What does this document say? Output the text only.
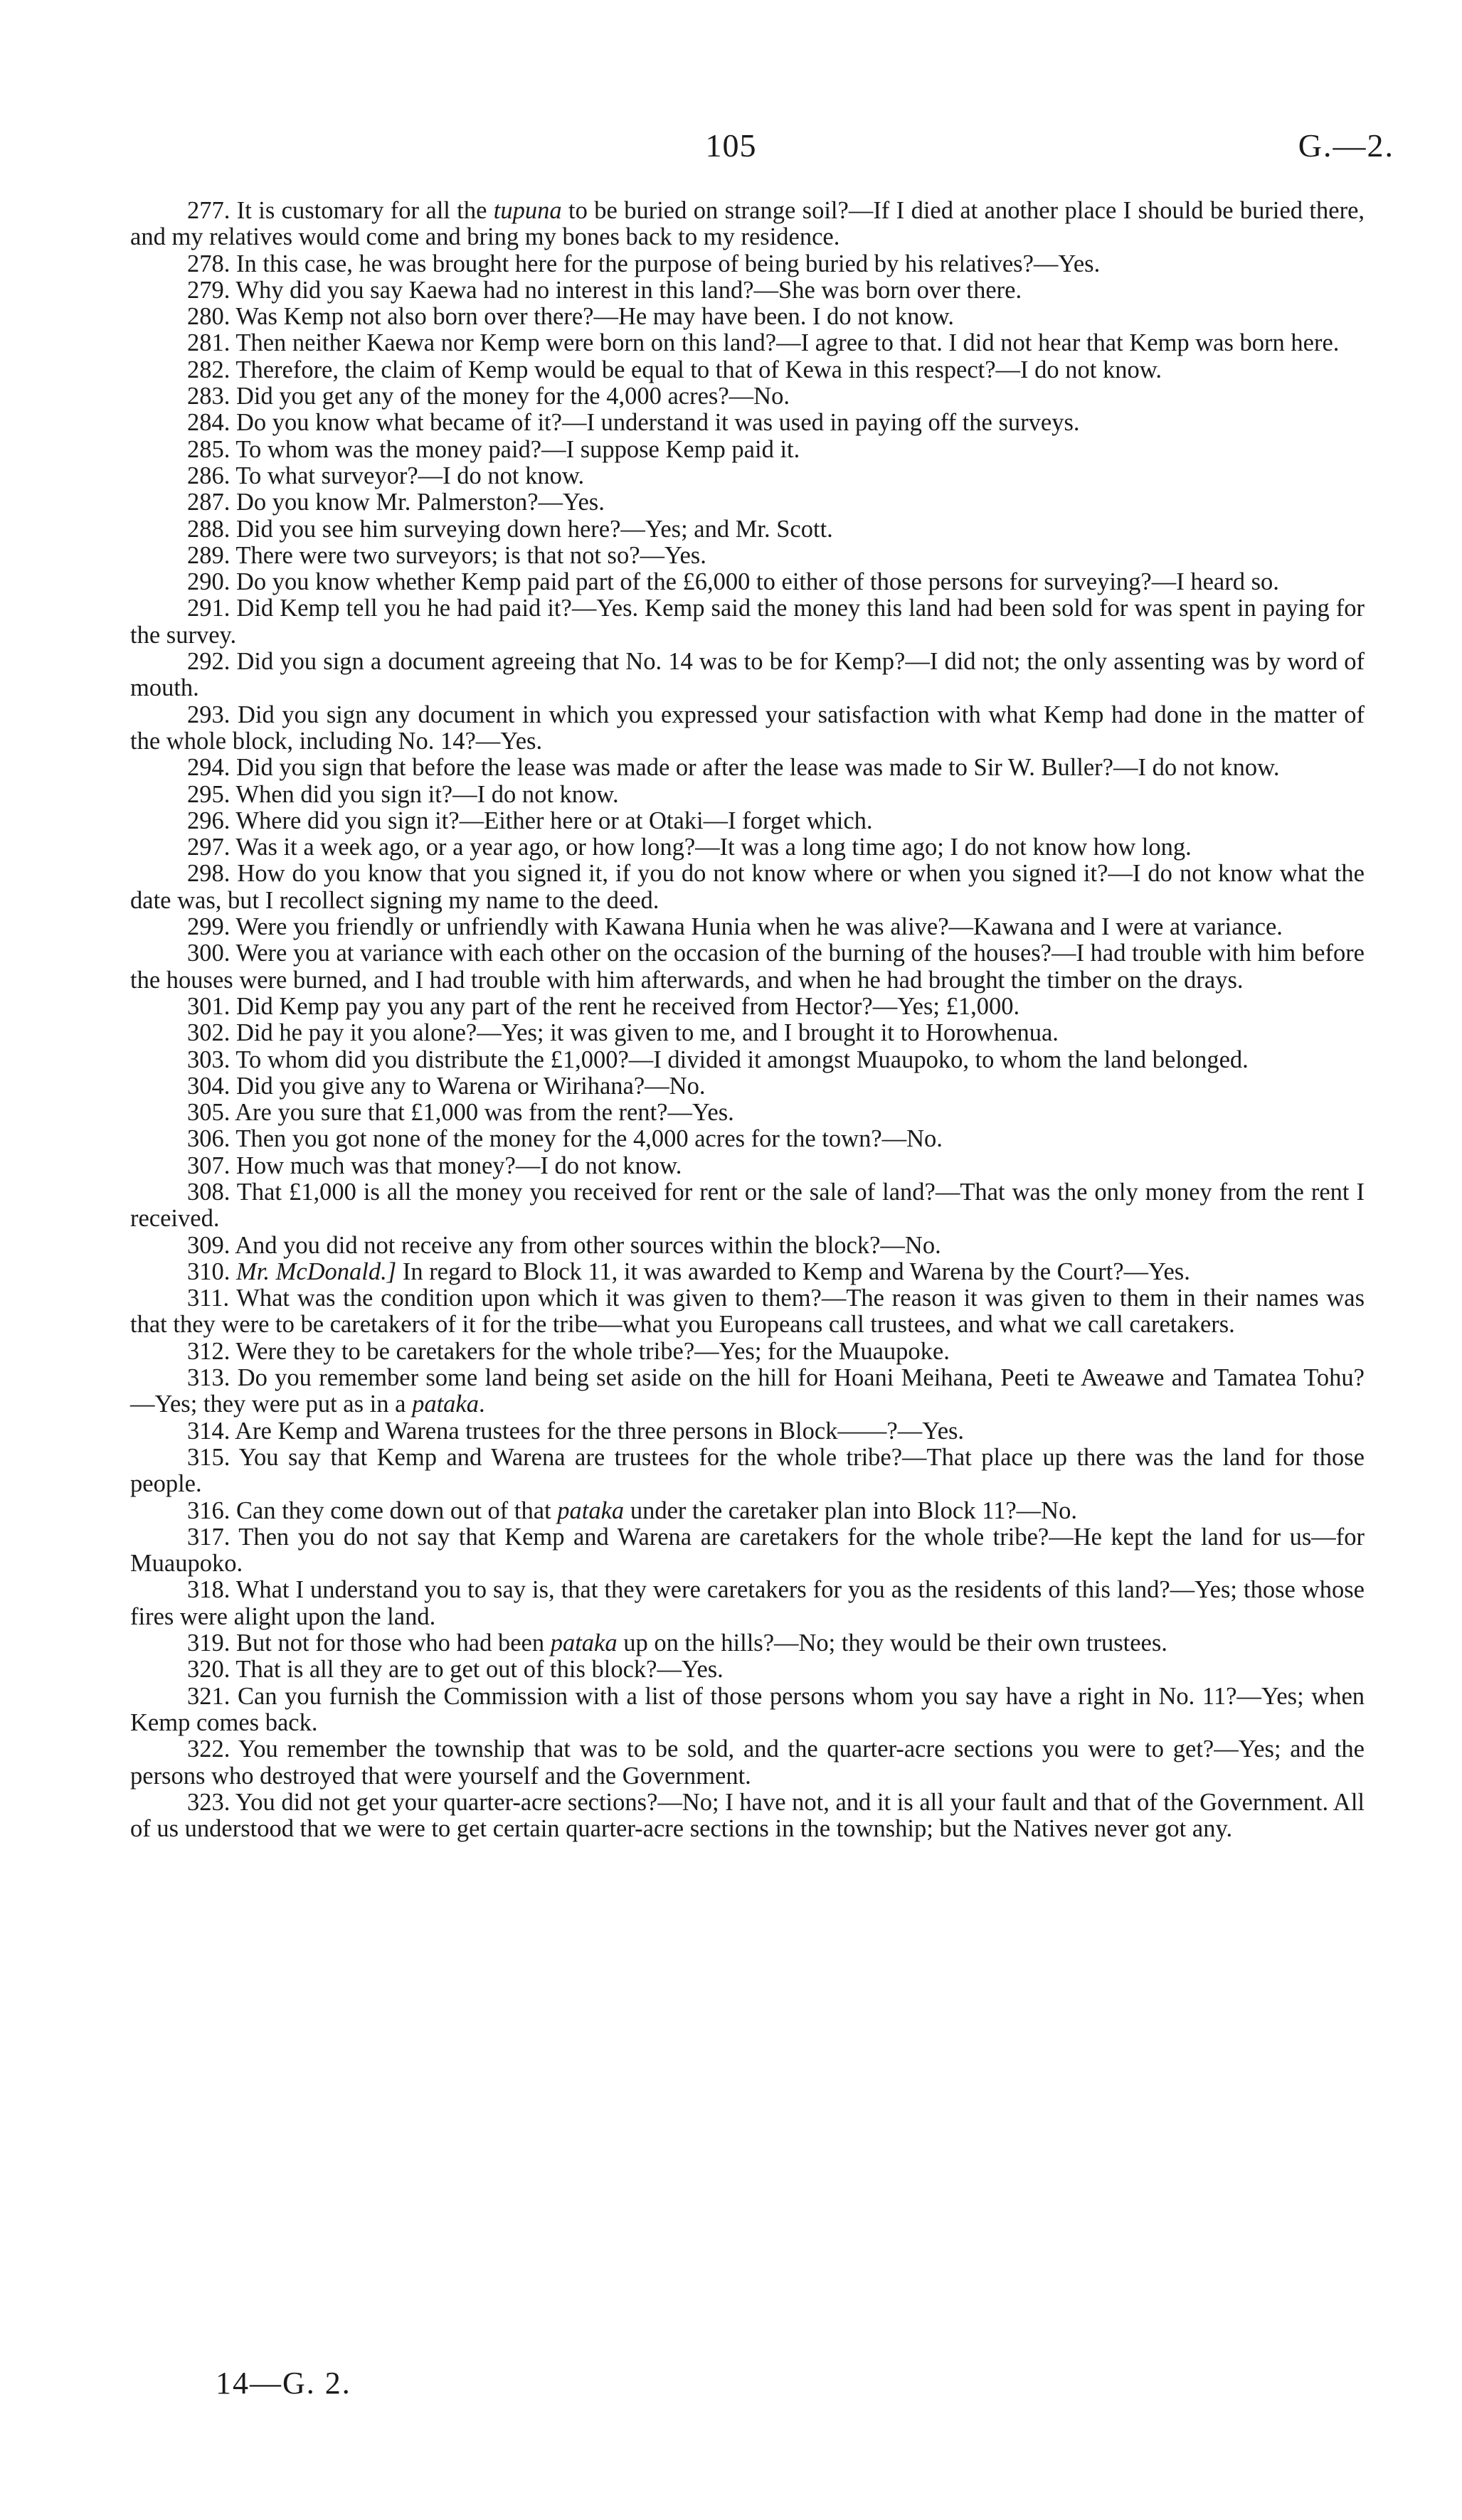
105	G.—2.

277. It is customary for all the tupuna to be buried on strange soil?—If I died at another place I should be buried there, and my relatives would come and bring my bones back to my residence.

278. In this case, he was brought here for the purpose of being buried by his relatives?—Yes.

279. Why did you say Kaewa had no interest in this land?—She was born over there.

280. Was Kemp not also born over there?—He may have been. I do not know.

281. Then neither Kaewa nor Kemp were born on this land?—I agree to that. I did not hear that Kemp was born here.

282. Therefore, the claim of Kemp would be equal to that of Kewa in this respect?—I do not know.

283. Did you get any of the money for the 4,000 acres?—No.

284. Do you know what became of it?—I understand it was used in paying off the surveys.

285. To whom was the money paid?—I suppose Kemp paid it.

286. To what surveyor?—I do not know.

287. Do you know Mr. Palmerston?—Yes.

288. Did you see him surveying down here?—Yes; and Mr. Scott.

289. There were two surveyors; is that not so?—Yes.

290. Do you know whether Kemp paid part of the £6,000 to either of those persons for surveying?—I heard so.

291. Did Kemp tell you he had paid it?—Yes. Kemp said the money this land had been sold for was spent in paying for the survey.

292. Did you sign a document agreeing that No. 14 was to be for Kemp?—I did not; the only assenting was by word of mouth.

293. Did you sign any document in which you expressed your satisfaction with what Kemp had done in the matter of the whole block, including No. 14?—Yes.

294. Did you sign that before the lease was made or after the lease was made to Sir W. Buller?—I do not know.

295. When did you sign it?—I do not know.

296. Where did you sign it?—Either here or at Otaki—I forget which.

297. Was it a week ago, or a year ago, or how long?—It was a long time ago; I do not know how long.

298. How do you know that you signed it, if you do not know where or when you signed it?—I do not know what the date was, but I recollect signing my name to the deed.

299. Were you friendly or unfriendly with Kawana Hunia when he was alive?—Kawana and I were at variance.

300. Were you at variance with each other on the occasion of the burning of the houses?—I had trouble with him before the houses were burned, and I had trouble with him afterwards, and when he had brought the timber on the drays.

301. Did Kemp pay you any part of the rent he received from Hector?—Yes; £1,000.

302. Did he pay it you alone?—Yes; it was given to me, and I brought it to Horowhenua.

303. To whom did you distribute the £1,000?—I divided it amongst Muaupoko, to whom the land belonged.

304. Did you give any to Warena or Wirihana?—No.

305. Are you sure that £1,000 was from the rent?—Yes.

306. Then you got none of the money for the 4,000 acres for the town?—No.

307. How much was that money?—I do not know.

308. That £1,000 is all the money you received for rent or the sale of land?—That was the only money from the rent I received.

309. And you did not receive any from other sources within the block?—No.

310. Mr. McDonald.] In regard to Block 11, it was awarded to Kemp and Warena by the Court?—Yes.

311. What was the condition upon which it was given to them?—The reason it was given to them in their names was that they were to be caretakers of it for the tribe—what you Europeans call trustees, and what we call caretakers.

312. Were they to be caretakers for the whole tribe?—Yes; for the Muaupoke.

313. Do you remember some land being set aside on the hill for Hoani Meihana, Peeti te Aweawe and Tamatea Tohu?—Yes; they were put as in a pataka.

314. Are Kemp and Warena trustees for the three persons in Block——?—Yes.

315. You say that Kemp and Warena are trustees for the whole tribe?—That place up there was the land for those people.

316. Can they come down out of that pataka under the caretaker plan into Block 11?—No.

317. Then you do not say that Kemp and Warena are caretakers for the whole tribe?—He kept the land for us—for Muaupoko.

318. What I understand you to say is, that they were caretakers for you as the residents of this land?—Yes; those whose fires were alight upon the land.

319. But not for those who had been pataka up on the hills?—No; they would be their own trustees.

320. That is all they are to get out of this block?—Yes.

321. Can you furnish the Commission with a list of those persons whom you say have a right in No. 11?—Yes; when Kemp comes back.

322. You remember the township that was to be sold, and the quarter-acre sections you were to get?—Yes; and the persons who destroyed that were yourself and the Government.

323. You did not get your quarter-acre sections?—No; I have not, and it is all your fault and that of the Government. All of us understood that we were to get certain quarter-acre sections in the township; but the Natives never got any.

14—G. 2.
